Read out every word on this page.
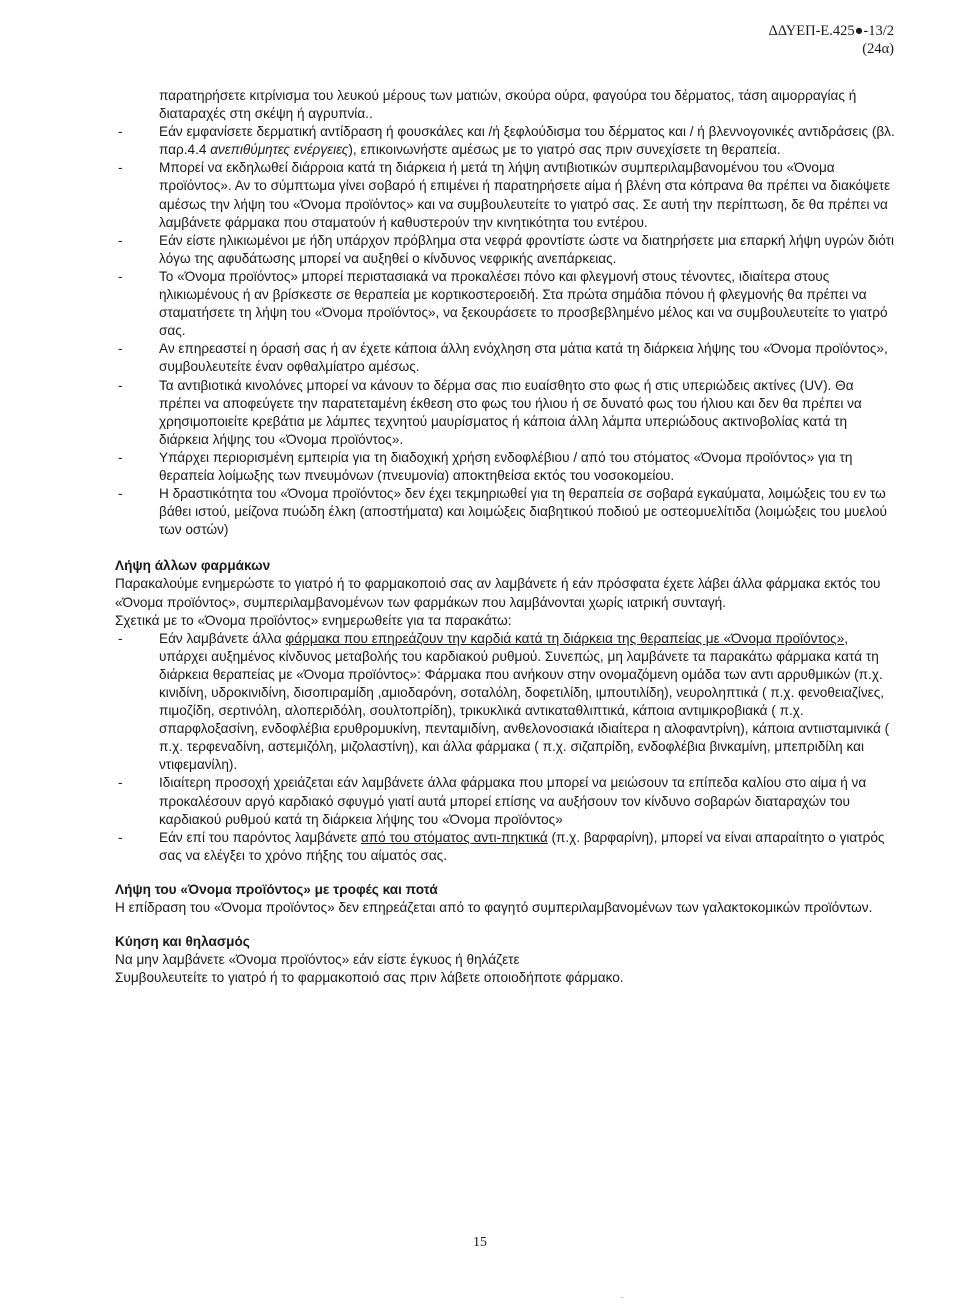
ΔΔΥΕΠ-Ε.425●-13/2
(24α)
παρατηρήσετε κιτρίνισμα του λευκού μέρους των ματιών, σκούρα ούρα, φαγούρα του δέρματος, τάση αιμορραγίας ή διαταραχές στη σκέψη ή αγρυπνία..
-	Εάν εμφανίσετε δερματική αντίδραση ή φουσκάλες και /ή ξεφλούδισμα του δέρματος και / ή βλεννογονικές αντιδράσεις (βλ. παρ.4.4 ανεπιθύμητες ενέργειες), επικοινωνήστε αμέσως με το γιατρό σας πριν συνεχίσετε τη θεραπεία.
-	Μπορεί να εκδηλωθεί διάρροια κατά τη διάρκεια ή μετά τη λήψη αντιβιοτικών συμπεριλαμβανομένου του «Όνομα προϊόντος». Αν το σύμπτωμα γίνει σοβαρό ή επιμένει ή παρατηρήσετε αίμα ή βλένη στα κόπρανα θα πρέπει να διακόψετε αμέσως την λήψη του «Όνομα προϊόντος» και να συμβουλευτείτε το γιατρό σας. Σε αυτή την περίπτωση, δε θα πρέπει να λαμβάνετε φάρμακα που σταματούν ή καθυστερούν την κινητικότητα του εντέρου.
-	Εάν είστε ηλικιωμένοι με ήδη υπάρχον πρόβλημα στα νεφρά φροντίστε ώστε να διατηρήσετε μια επαρκή λήψη υγρών διότι λόγω της αφυδάτωσης μπορεί να αυξηθεί ο κίνδυνος νεφρικής ανεπάρκειας.
-	Το «Όνομα προϊόντος» μπορεί περιστασιακά να προκαλέσει πόνο και φλεγμονή στους τένοντες, ιδιαίτερα στους ηλικιωμένους ή αν βρίσκεστε σε θεραπεία με κορτικοστεροειδή. Στα πρώτα σημάδια πόνου ή φλεγμονής θα πρέπει να σταματήσετε τη λήψη του «Όνομα προϊόντος», να ξεκουράσετε το προσβεβλημένο μέλος και να συμβουλευτείτε το γιατρό σας.
-	Αν επηρεαστεί η όρασή σας ή αν έχετε κάποια άλλη ενόχληση στα μάτια κατά τη διάρκεια λήψης του «Όνομα προϊόντος», συμβουλευτείτε έναν οφθαλμίατρο αμέσως.
-	Τα αντιβιοτικά κινολόνες μπορεί να κάνουν το δέρμα σας πιο ευαίσθητο στο φως ή στις υπεριώδεις ακτίνες (UV). Θα πρέπει να αποφεύγετε την παρατεταμένη έκθεση στο φως του ήλιου ή σε δυνατό φως του ήλιου και δεν θα πρέπει να χρησιμοποιείτε κρεβάτια με λάμπες τεχνητού μαυρίσματος ή κάποια άλλη λάμπα υπεριώδους ακτινοβολίας κατά τη διάρκεια λήψης του «Όνομα προϊόντος».
-	Υπάρχει περιορισμένη εμπειρία για τη διαδοχική χρήση ενδοφλέβιου / από του στόματος «Όνομα προϊόντος» για τη θεραπεία λοίμωξης των πνευμόνων (πνευμονία) αποκτηθείσα εκτός του νοσοκομείου.
-	Η δραστικότητα του «Όνομα προϊόντος» δεν έχει τεκμηριωθεί για τη θεραπεία σε σοβαρά εγκαύματα, λοιμώξεις του εν τω βάθει ιστού, μείζονα πυώδη έλκη (αποστήματα) και λοιμώξεις διαβητικού ποδιού με οστεομυελίτιδα (λοιμώξεις του μυελού των οστών)
Λήψη άλλων φαρμάκων
Παρακαλούμε ενημερώστε το γιατρό ή το φαρμακοποιό σας αν λαμβάνετε ή εάν πρόσφατα έχετε λάβει άλλα φάρμακα εκτός του «Όνομα προϊόντος», συμπεριλαμβανομένων των φαρμάκων που λαμβάνονται χωρίς ιατρική συνταγή.
Σχετικά με το «Όνομα προϊόντος» ενημερωθείτε για τα παρακάτω:
-	Εάν λαμβάνετε άλλα φάρμακα που επηρεάζουν την καρδιά κατά τη διάρκεια της θεραπείας με «Όνομα προϊόντος», υπάρχει αυξημένος κίνδυνος μεταβολής του καρδιακού ρυθμού. Συνεπώς, μη λαμβάνετε τα παρακάτω φάρμακα κατά τη διάρκεια θεραπείας με «Όνομα προϊόντος»: Φάρμακα που ανήκουν στην ονομαζόμενη ομάδα των αντι αρρυθμικών (π.χ. κινιδίνη, υδροκινιδίνη, δισοπιραμίδη ,αμιοδαρόνη, σοταλόλη, δοφετιλίδη, ιμπουτιλίδη), νευροληπτικά ( π.χ. φενοθειαζίνες, πιμοζίδη, σερτινόλη, αλοπεριδόλη, σουλτοπρίδη), τρικυκλικά αντικαταθλιπτικά, κάποια αντιμικροβιακά ( π.χ. σπαρφλοξασίνη, ενδοφλέβια ερυθρομυκίνη, πενταμιδίνη, ανθελονοσιακά ιδιαίτερα η αλοφαντρίνη), κάποια αντιισταμινικά ( π.χ. τερφεναδίνη, αστεμιζόλη, μιζολαστίνη), και άλλα φάρμακα ( π.χ. σιζαπρίδη, ενδοφλέβια βινκαμίνη, μπεπριδίλη και ντιφεμανίλη).
-	Ιδιαίτερη προσοχή χρειάζεται εάν λαμβάνετε άλλα φάρμακα που μπορεί να μειώσουν τα επίπεδα καλίου στο αίμα ή να προκαλέσουν αργό καρδιακό σφυγμό γιατί αυτά μπορεί επίσης να αυξήσουν τον κίνδυνο σοβαρών διαταραχών του καρδιακού ρυθμού κατά τη διάρκεια λήψης του «Όνομα προϊόντος»
-	Εάν επί του παρόντος λαμβάνετε από του στόματος αντι-πηκτικά (π.χ. βαρφαρίνη), μπορεί να είναι απαραίτητο ο γιατρός σας να ελέγξει το χρόνο πήξης του αίματός σας.
Λήψη του «Όνομα προϊόντος» με τροφές και ποτά
Η επίδραση του «Όνομα προϊόντος» δεν επηρεάζεται από το φαγητό συμπεριλαμβανομένων των γαλακτοκομικών προϊόντων.
Κύηση και θηλασμός
Να μην λαμβάνετε «Όνομα προϊόντος» εάν είστε έγκυος ή θηλάζετε
Συμβουλευτείτε το γιατρό ή το φαρμακοποιό σας πριν λάβετε οποιοδήποτε φάρμακο.
15
¨
